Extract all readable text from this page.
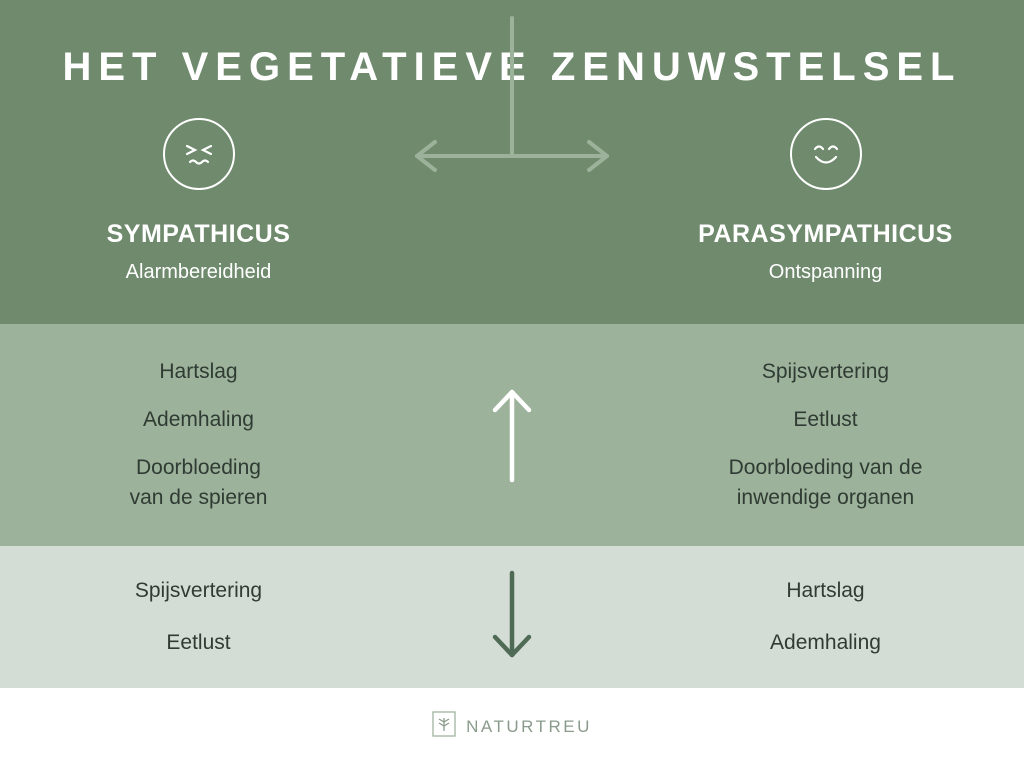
HET VEGETATIEVE ZENUWSTELSEL
SYMPATHICUS
Alarmbereidheid
PARASYMPATHICUS
Ontspanning
Hartslag
Ademhaling
Doorbloeding
van de spieren
Spijsvertering
Eetlust
Doorbloeding van de
inwendige organen
Spijsvertering
Eetlust
Hartslag
Ademhaling
NATURTREU
